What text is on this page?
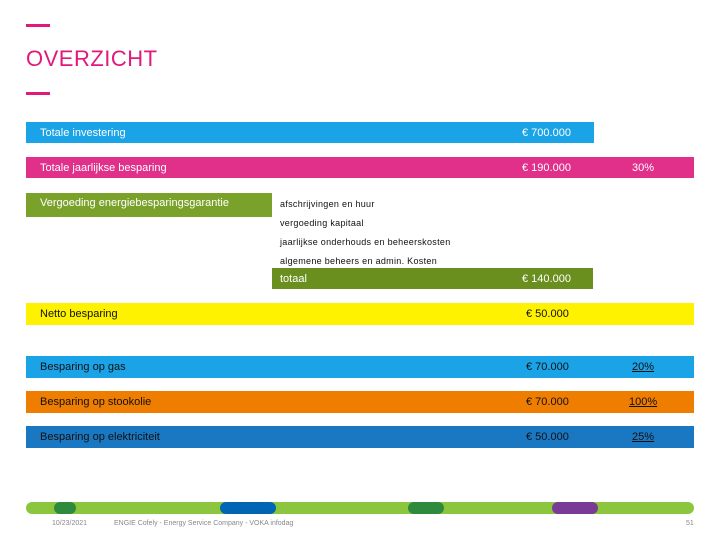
OVERZICHT
Totale investering	€ 700.000
Totale jaarlijkse besparing	€ 190.000	30%
Vergoeding energiebesparingsgarantie	afschrijvingen en huur
vergoeding kapitaal
jaarlijkse onderhouds en beheerskosten
algemene beheers en admin. Kosten
totaal	€ 140.000
Netto besparing	€ 50.000
Besparing op gas	€ 70.000	20%
Besparing op stookolie	€ 70.000	100%
Besparing op elektriciteit	€ 50.000	25%
10/23/2021	ENGIE Cofely - Energy Service Company - VOKA infodag	51
